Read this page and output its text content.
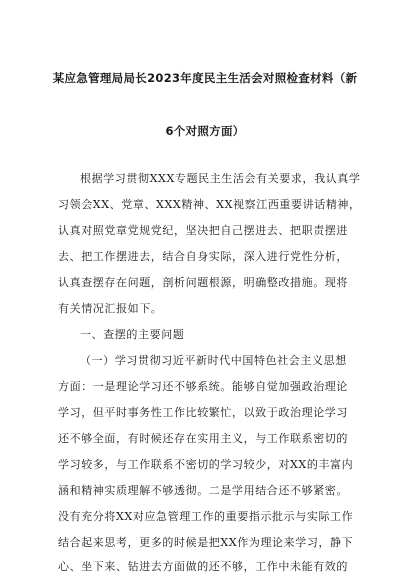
某应急管理局局长2023年度民主生活会对照检查材料（新
6个对照方面）
根据学习贯彻XXX专题民主生活会有关要求，我认真学
习领会XX、党章、XXX精神、XX视察江西重要讲话精神，
认真对照党章党规党纪，坚决把自己摆进去、把职责摆进
去、把工作摆进去，结合自身实际，深入进行党性分析，
认真查摆存在问题，剖析问题根源，明确整改措施。现将
有关情况汇报如下。
一、查摆的主要问题
（一）学习贯彻习近平新时代中国特色社会主义思想
方面：一是理论学习还不够系统。能够自觉加强政治理论
学习，但平时事务性工作比较繁忙，以致于政治理论学习
还不够全面，有时候还存在实用主义，与工作联系密切的
学习较多，与工作联系不密切的学习较少，对XX的丰富内
涵和精神实质理解不够透彻。二是学用结合还不够紧密。
没有充分将XX对应急管理工作的重要指示批示与实际工作
结合起来思考，更多的时候是把XX作为理论来学习，静下
心、坐下来、钻进去方面做的还不够，工作中未能有效的
